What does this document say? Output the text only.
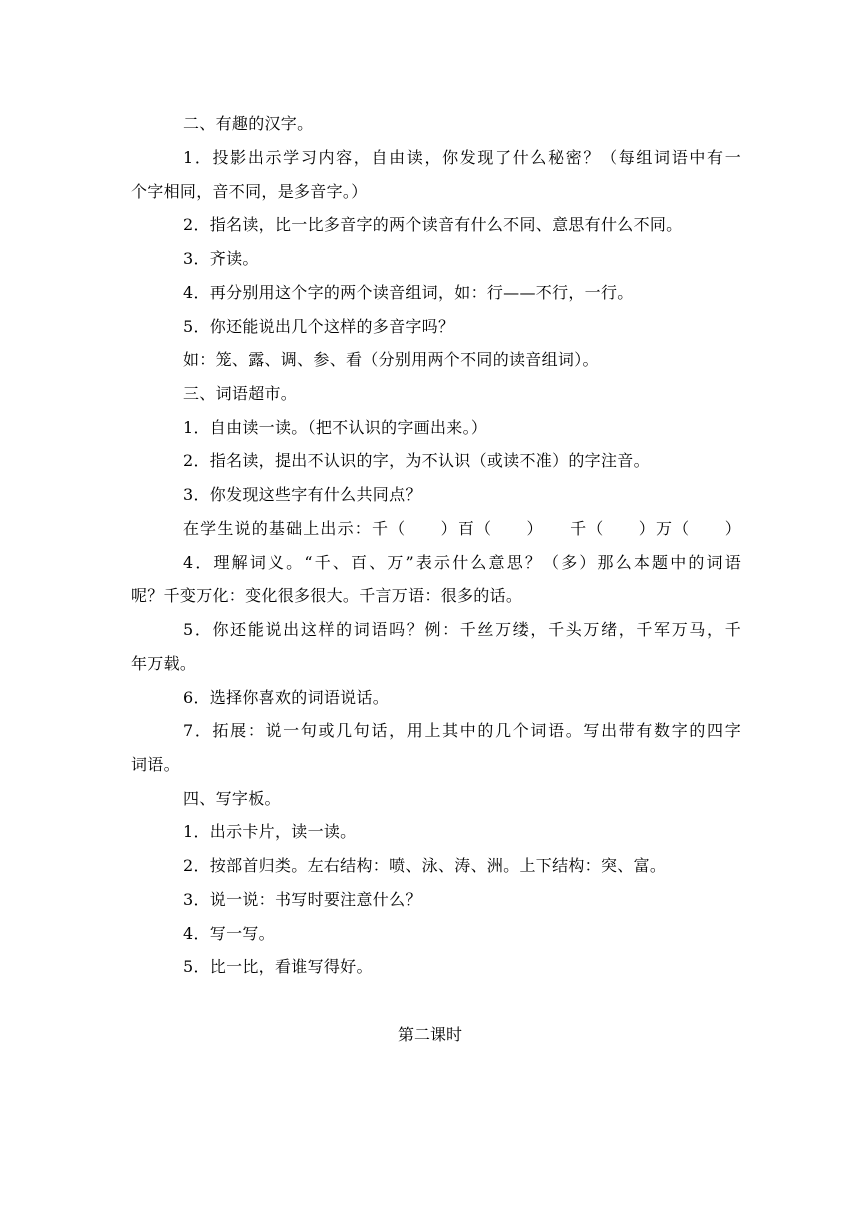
二、有趣的汉字。
1．投影出示学习内容，自由读，你发现了什么秘密？（每组词语中有一
个字相同，音不同，是多音字。）
2．指名读，比一比多音字的两个读音有什么不同、意思有什么不同。
3．齐读。
4．再分别用这个字的两个读音组词，如：行——不行，一行。
5．你还能说出几个这样的多音字吗？
如：笼、露、调、参、看（分别用两个不同的读音组词）。
三、词语超市。
1．自由读一读。（把不认识的字画出来。）
2．指名读，提出不认识的字，为不认识（或读不准）的字注音。
3．你发现这些字有什么共同点？
在学生说的基础上出示：千（　　）百（　　）　　千（　　）万（　　）
4．理解词义。“千、百、万”表示什么意思？（多）那么本题中的词语
呢？千变万化：变化很多很大。千言万语：很多的话。
5．你还能说出这样的词语吗？例：千丝万缕，千头万绪，千军万马，千
年万载。
6．选择你喜欢的词语说话。
7．拓展：说一句或几句话，用上其中的几个词语。写出带有数字的四字
词语。
四、写字板。
1．出示卡片，读一读。
2．按部首归类。左右结构：喷、泳、涛、洲。上下结构：突、富。
3．说一说：书写时要注意什么？
4．写一写。
5．比一比，看谁写得好。
第二课时
